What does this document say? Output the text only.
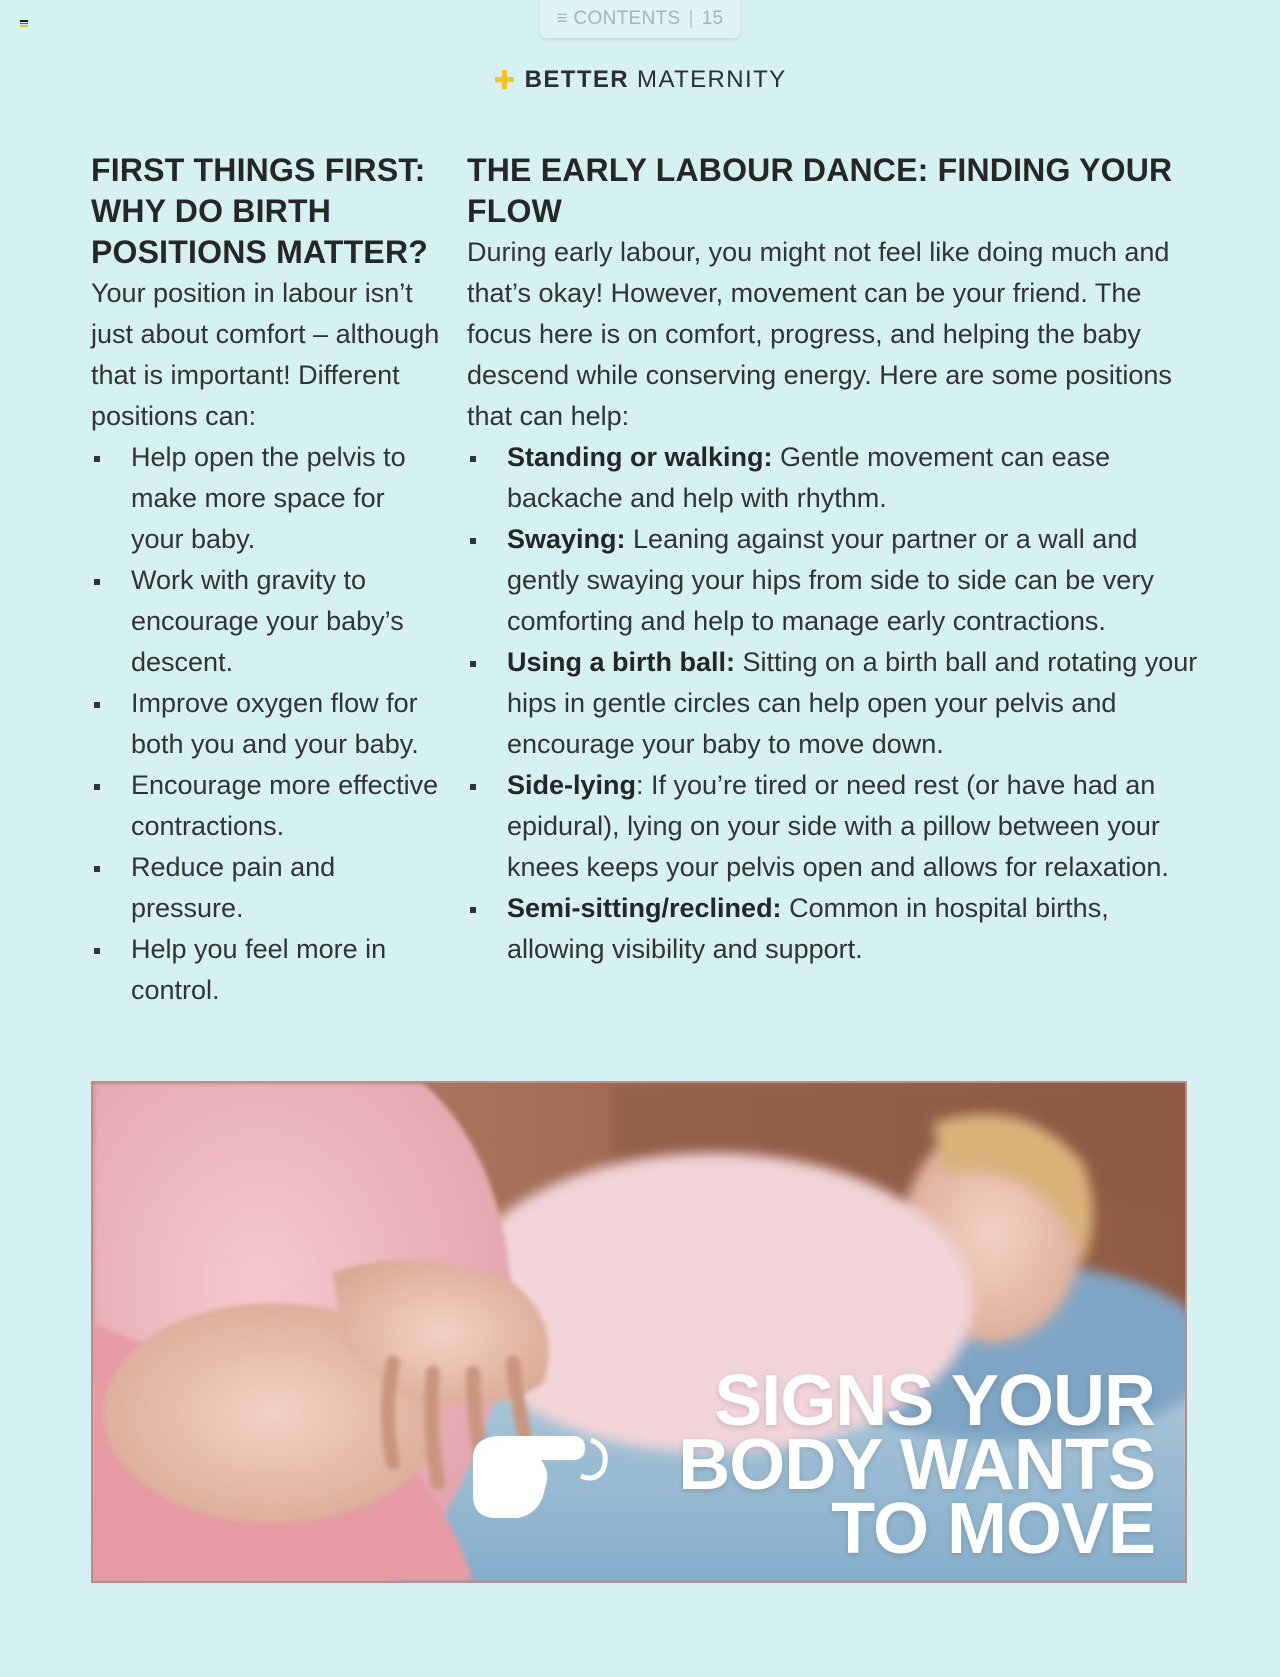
≡ CONTENTS | 15
✚ BETTER MATERNITY
FIRST THINGS FIRST: WHY DO BIRTH POSITIONS MATTER?

Your position in labour isn’t just about comfort – although that is important! Different positions can:

Help open the pelvis to make more space for your baby.
Work with gravity to encourage your baby’s descent.
Improve oxygen flow for both you and your baby.
Encourage more effective contractions.
Reduce pain and pressure.
Help you feel more in control.
THE EARLY LABOUR DANCE: FINDING YOUR FLOW

During early labour, you might not feel like doing much and that’s okay! However, movement can be your friend. The focus here is on comfort, progress, and helping the baby descend while conserving energy. Here are some positions that can help:

Standing or walking: Gentle movement can ease backache and help with rhythm.
Swaying: Leaning against your partner or a wall and gently swaying your hips from side to side can be very comforting and help to manage early contractions.
Using a birth ball: Sitting on a birth ball and rotating your hips in gentle circles can help open your pelvis and encourage your baby to move down.
Side-lying: If you’re tired or need rest (or have had an epidural), lying on your side with a pillow between your knees keeps your pelvis open and allows for relaxation.
Semi-sitting/reclined: Common in hospital births, allowing visibility and support.
SIGNS YOUR
BODY WANTS
TO MOVE
